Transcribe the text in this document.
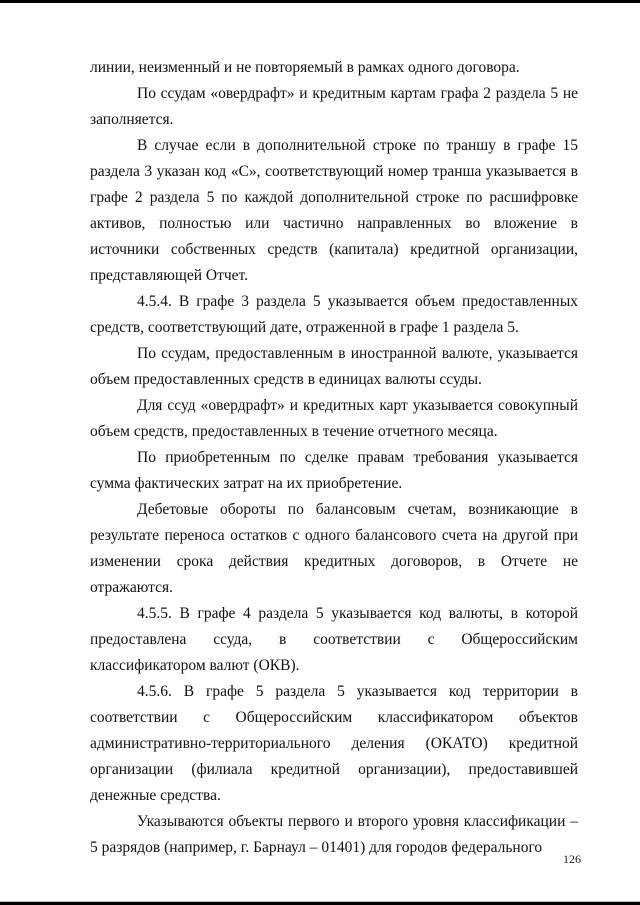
линии, неизменный и не повторяемый в рамках одного договора.

По ссудам «овердрафт» и кредитным картам графа 2 раздела 5 не заполняется.

В случае если в дополнительной строке по траншу в графе 15 раздела 3 указан код «С», соответствующий номер транша указывается в графе 2 раздела 5 по каждой дополнительной строке по расшифровке активов, полностью или частично направленных во вложение в источники собственных средств (капитала) кредитной организации, представляющей Отчет.

4.5.4. В графе 3 раздела 5 указывается объем предоставленных средств, соответствующий дате, отраженной в графе 1 раздела 5.

По ссудам, предоставленным в иностранной валюте, указывается объем предоставленных средств в единицах валюты ссуды.

Для ссуд «овердрафт» и кредитных карт указывается совокупный объем средств, предоставленных в течение отчетного месяца.

По приобретенным по сделке правам требования указывается сумма фактических затрат на их приобретение.

Дебетовые обороты по балансовым счетам, возникающие в результате переноса остатков с одного балансового счета на другой при изменении срока действия кредитных договоров, в Отчете не отражаются.

4.5.5. В графе 4 раздела 5 указывается код валюты, в которой предоставлена ссуда, в соответствии с Общероссийским классификатором валют (ОКВ).

4.5.6. В графе 5 раздела 5 указывается код территории в соответствии с Общероссийским классификатором объектов административно-территориального деления (ОКАТО) кредитной организации (филиала кредитной организации), предоставившей денежные средства.

Указываются объекты первого и второго уровня классификации – 5 разрядов (например, г. Барнаул – 01401) для городов федерального

126
